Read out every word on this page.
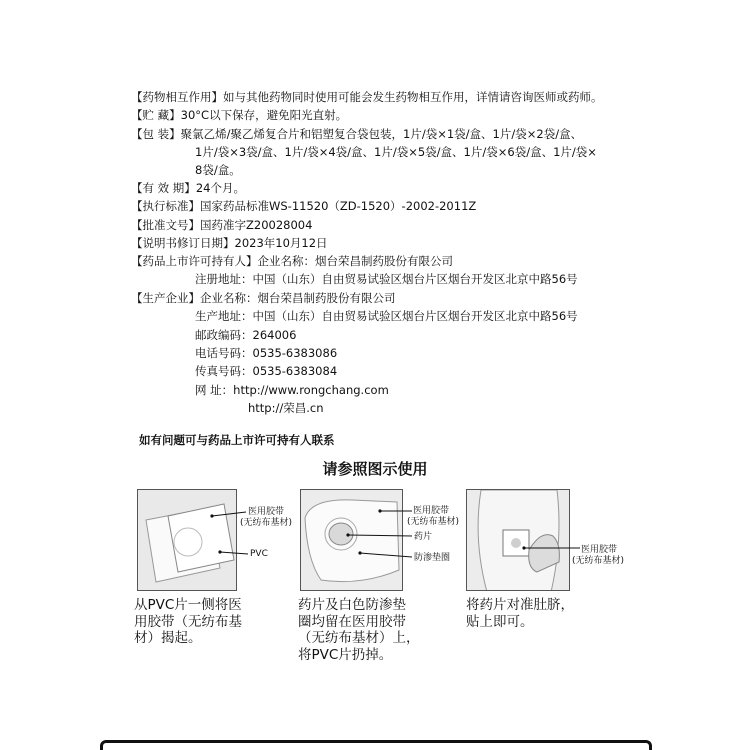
【药物相互作用】如与其他药物同时使用可能会发生药物相互作用，详情请咨询医师或药师。
【贮 藏】30°C以下保存，避免阳光直射。
【包 装】聚氯乙烯/聚乙烯复合片和铝塑复合袋包装，1片/袋×1袋/盒、1片/袋×2袋/盒、
1片/袋×3袋/盒、1片/袋×4袋/盒、1片/袋×5袋/盒、1片/袋×6袋/盒、1片/袋×
8袋/盒。
【有 效 期】24个月。
【执行标准】国家药品标准WS-11520（ZD-1520）-2002-2011Z
【批准文号】国药准字Z20028004
【说明书修订日期】2023年10月12日
【药品上市许可持有人】企业名称：烟台荣昌制药股份有限公司
注册地址：中国（山东）自由贸易试验区烟台片区烟台开发区北京中路56号
【生产企业】企业名称：烟台荣昌制药股份有限公司
生产地址：中国（山东）自由贸易试验区烟台片区烟台开发区北京中路56号
邮政编码：264006
电话号码：0535-6383086
传真号码：0535-6383084
网 址：http://www.rongchang.com
http://荣昌.cn
如有问题可与药品上市许可持有人联系
请参照图示使用
医用胶带
(无纺布基材)
PVC
医用胶带
(无纺布基材)
药片
防渗垫圈
医用胶带
(无纺布基材)
从PVC片一侧将医
用胶带（无纺布基
材）揭起。
药片及白色防渗垫
圈均留在医用胶带
（无纺布基材）上，
将PVC片扔掉。
将药片对准肚脐，
贴上即可。
